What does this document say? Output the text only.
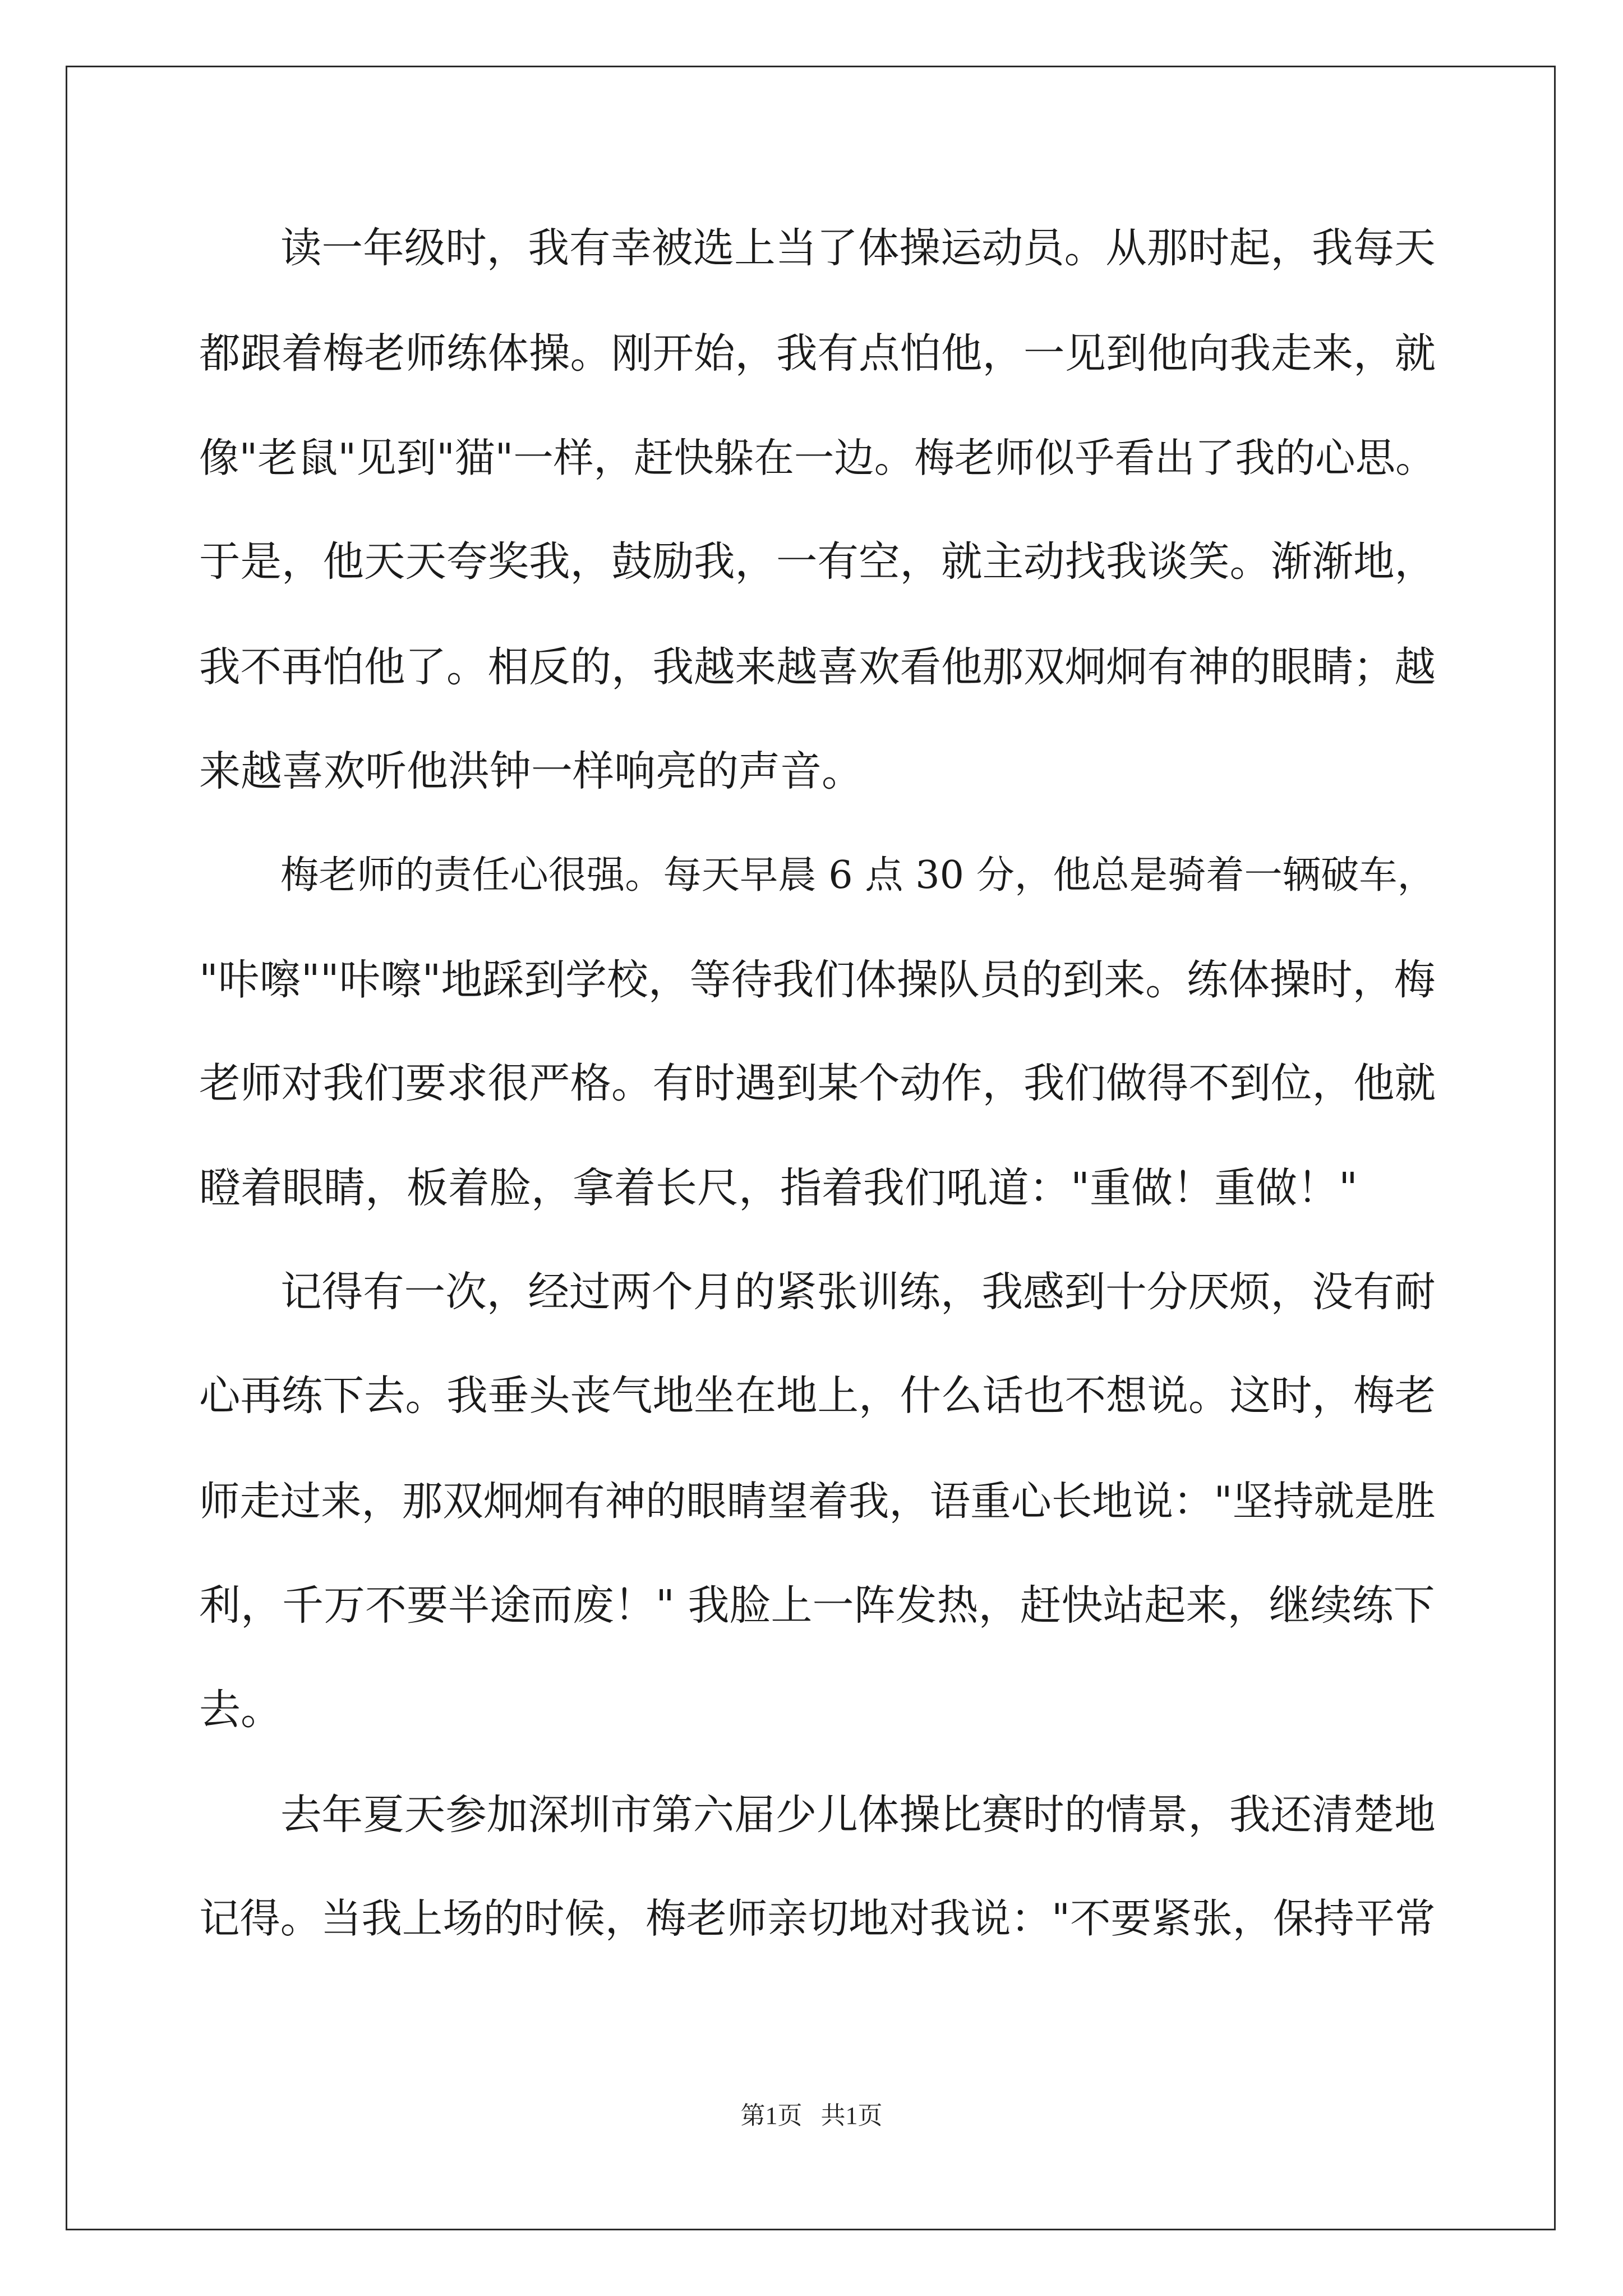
读一年级时，我有幸被选上当了体操运动员。从那时起，我每天
都跟着梅老师练体操。刚开始，我有点怕他，一见到他向我走来，就
像"老鼠"见到"猫"一样，赶快躲在一边。梅老师似乎看出了我的心思。
于是，他天天夸奖我，鼓励我，一有空，就主动找我谈笑。渐渐地，
我不再怕他了。相反的，我越来越喜欢看他那双炯炯有神的眼睛；越
来越喜欢听他洪钟一样响亮的声音。
梅老师的责任心很强。每天早晨 6 点 30 分，他总是骑着一辆破车，
"咔嚓""咔嚓"地踩到学校，等待我们体操队员的到来。练体操时，梅
老师对我们要求很严格。有时遇到某个动作，我们做得不到位，他就
瞪着眼睛，板着脸，拿着长尺，指着我们吼道："重做！重做！"
记得有一次，经过两个月的紧张训练，我感到十分厌烦，没有耐
心再练下去。我垂头丧气地坐在地上，什么话也不想说。这时，梅老
师走过来，那双炯炯有神的眼睛望着我，语重心长地说："坚持就是胜
利，千万不要半途而废！" 我脸上一阵发热，赶快站起来，继续练下
去。
去年夏天参加深圳市第六届少儿体操比赛时的情景，我还清楚地
记得。当我上场的时候，梅老师亲切地对我说："不要紧张，保持平常
第1页   共1页
